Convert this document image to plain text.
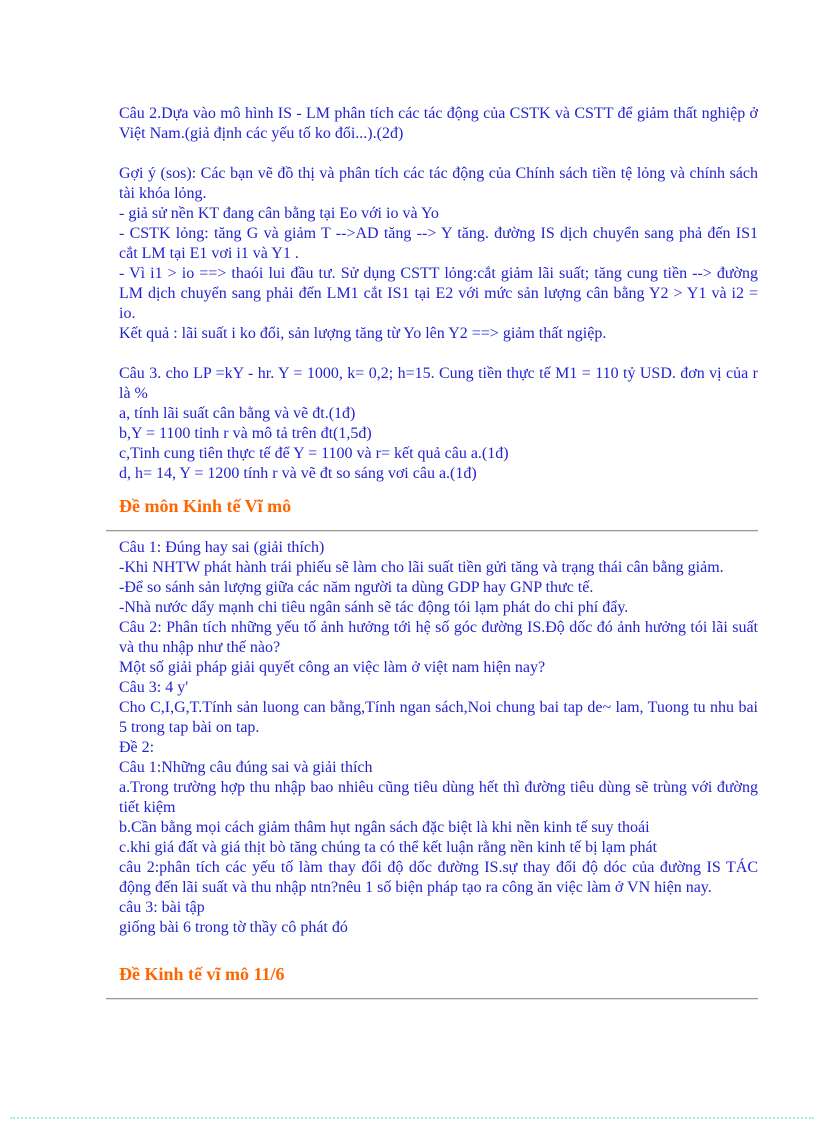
Câu 2.Dựa vào mô hình IS - LM phân tích các tác động của CSTK và CSTT để giảm thất nghiệp ở
Việt Nam.(giả định các yếu tố ko đổi...).(2đ)
Gợi ý (sos): Các bạn vẽ đồ thị và phân tích các tác động của Chính sách tiền tệ lỏng và chính sách
tài khóa lỏng.
- giả sử nền KT đang cân bằng tại Eo với io và Yo
- CSTK lỏng: tăng G và giảm T -->AD tăng --> Y tăng. đường IS dịch chuyển sang phả đến IS1
cắt LM tại E1 vơi i1 và Y1 .
- Vì i1 > io ==> thaói lui đầu tư. Sử dụng CSTT lỏng:cắt giảm lãi suất; tăng cung tiền --> đường
LM dịch chuyển sang phải đến LM1 cắt IS1 tại E2 với mức sản lượng cân bằng Y2 > Y1 và i2 =
io.
Kết quả : lãi suất i ko đổi, sản lượng tăng từ Yo lên Y2 ==> giảm thất ngiệp.
Câu 3. cho LP =kY - hr. Y = 1000, k= 0,2; h=15. Cung tiền thực tế M1 = 110 tỷ USD. đơn vị của r
là %
a, tính lãi suất cân bằng và vẽ đt.(1đ)
b,Y = 1100 tinh r và mô tả trên đt(1,5đ)
c,Tinh cung tiên thực tế để Y = 1100 và r= kết quả câu a.(1đ)
d, h= 14, Y = 1200 tính r và vẽ đt so sáng vơi câu a.(1đ)
Đề môn Kinh tế Vĩ mô
Câu 1: Đúng hay sai (giải thích)
-Khi NHTW phát hành trái phiếu sẽ làm cho lãi suất tiền gửi tăng và trạng thái cân bằng giảm.
-Để so sánh sản lượng giữa các năm người ta dùng GDP hay GNP thưc tế.
-Nhà nước dẩy mạnh chi tiêu ngân sánh sẽ tác động tói lạm phát do chi phí đẩy.
Câu 2: Phân tích những yếu tố ảnh hưởng tới hệ số góc đường IS.Độ dốc đó ảnh hưởng tói lãi suất
và thu nhập như thế nào?
Một số giải pháp giải quyết công an việc làm ở việt nam hiện nay?
Câu 3: 4 y'
Cho C,I,G,T.Tính sản luong can bằng,Tính ngan sách,Noi chung bai tap de~ lam, Tuong tu nhu bai
5 trong tap bài on tap.
Đề 2:
Câu 1:Những câu đúng sai và giải thích
a.Trong trường hợp thu nhập bao nhiêu cũng tiêu dùng hết thì đường tiêu dùng sẽ trùng với đường
tiết kiệm
b.Cần bằng mọi cách giảm thâm hụt ngân sách đặc biệt là khi nền kinh tế suy thoái
c.khi giá đất và giá thịt bò tăng chúng ta có thể kết luận rằng nền kinh tế bị lạm phát
câu 2:phân tích các yếu tố làm thay đổi độ dốc đường IS.sự thay đổi độ dóc của đường IS TÁC
động đến lãi suất và thu nhập ntn?nêu 1 số biện pháp tạo ra công ăn việc làm ở VN hiện nay.
câu 3: bài tập
giống bài 6 trong tờ thầy cô phát đó
Đề Kinh tế vĩ mô 11/6
